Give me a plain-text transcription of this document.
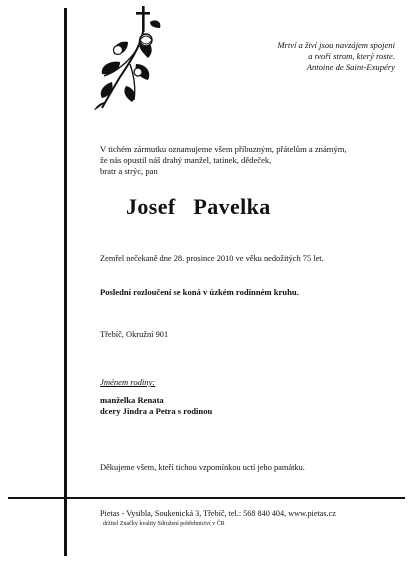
Mrtví a živí jsou navzájem spojeni
a tvoří strom, který roste.
Antoine de Saint-Exupéry
V tichém zármutku oznamujeme všem příbuzným, přátelům a známým,
že nás opustil náš drahý manžel, tatínek, dědeček,
bratr a strýc, pan
Josef   Pavelka
Zemřel nečekaně dne 28. prosince 2010 ve věku nedožitých 75 let.
Poslední rozloučení se koná v úzkém rodinném kruhu.
Třebíč, Okružní 901
Jménem rodiny:
manželka Renata
dcery Jindra a Petra s rodinou
Děkujeme všem, kteří tichou vzpomínkou uctí jeho památku.
Pietas - Vysibla, Soukenická 3, Třebíč, tel.: 568 840 404, www.pietas.cz
držitel Značky kvality Sdružení pohřebnictví v ČR
